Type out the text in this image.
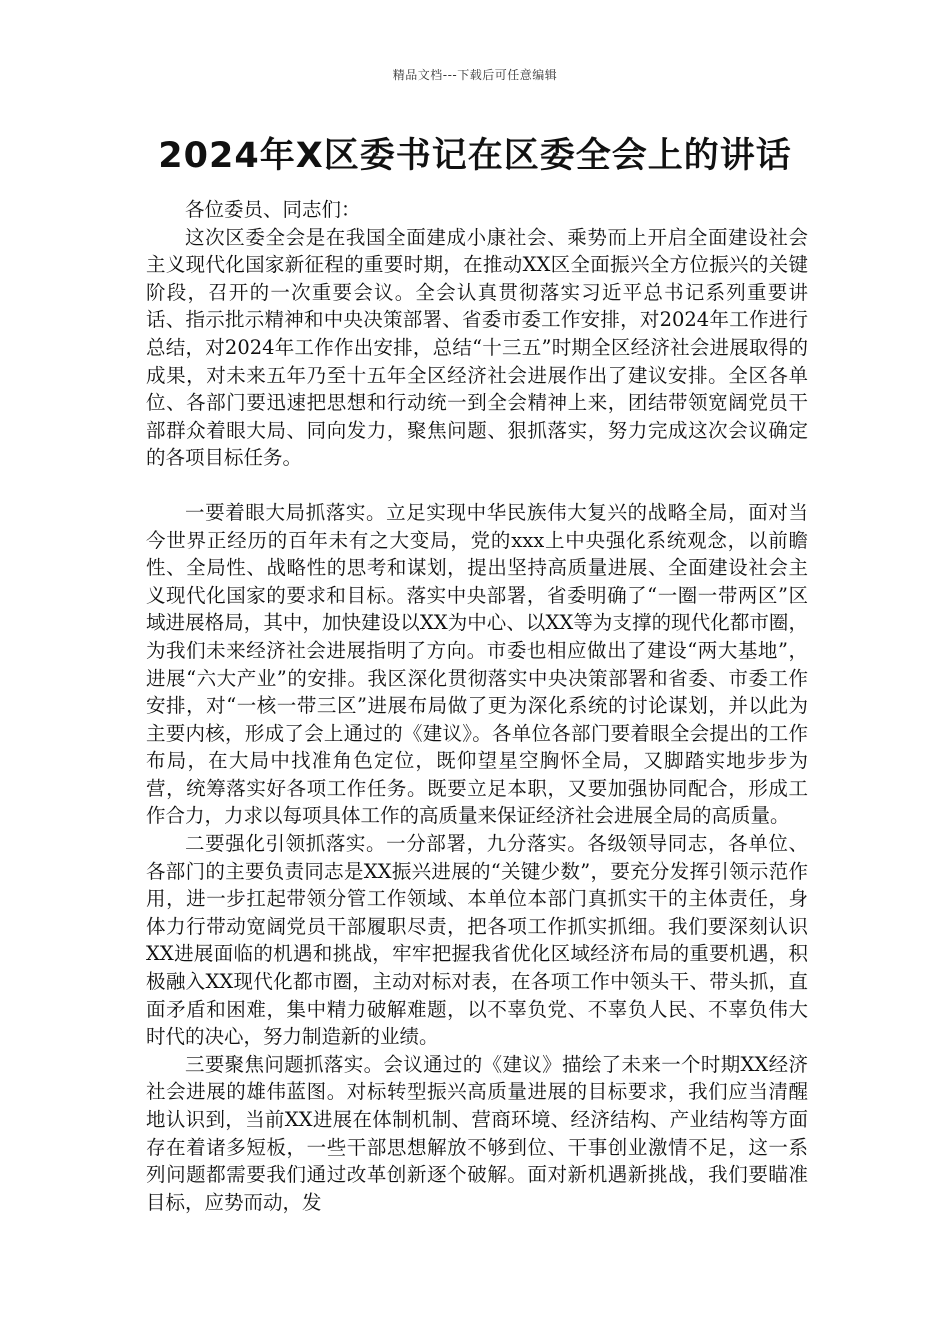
精品文档---下载后可任意编辑
2024年X区委书记在区委全会上的讲话

各位委员、同志们：

这次区委全会是在我国全面建成小康社会、乘势而上开启全面建设社会主义现代化国家新征程的重要时期，在推动XX区全面振兴全方位振兴的关键阶段，召开的一次重要会议。全会认真贯彻落实习近平总书记系列重要讲话、指示批示精神和中央决策部署、省委市委工作安排，对2024年工作进行总结，对2024年工作作出安排，总结“十三五”时期全区经济社会进展取得的成果，对未来五年乃至十五年全区经济社会进展作出了建议安排。全区各单位、各部门要迅速把思想和行动统一到全会精神上来，团结带领宽阔党员干部群众着眼大局、同向发力，聚焦问题、狠抓落实，努力完成这次会议确定的各项目标任务。

一要着眼大局抓落实。立足实现中华民族伟大复兴的战略全局，面对当今世界正经历的百年未有之大变局，党的xxx上中央强化系统观念，以前瞻性、全局性、战略性的思考和谋划，提出坚持高质量进展、全面建设社会主义现代化国家的要求和目标。落实中央部署，省委明确了“一圈一带两区”区域进展格局，其中，加快建设以XX为中心、以XX等为支撑的现代化都市圈，为我们未来经济社会进展指明了方向。市委也相应做出了建设“两大基地”，进展“六大产业”的安排。我区深化贯彻落实中央决策部署和省委、市委工作安排，对“一核一带三区”进展布局做了更为深化系统的讨论谋划，并以此为主要内核，形成了会上通过的《建议》。各单位各部门要着眼全会提出的工作布局，在大局中找准角色定位，既仰望星空胸怀全局，又脚踏实地步步为营，统筹落实好各项工作任务。既要立足本职，又要加强协同配合，形成工作合力，力求以每项具体工作的高质量来保证经济社会进展全局的高质量。

二要强化引领抓落实。一分部署，九分落实。各级领导同志，各单位、各部门的主要负责同志是XX振兴进展的“关键少数”，要充分发挥引领示范作用，进一步扛起带领分管工作领域、本单位本部门真抓实干的主体责任，身体力行带动宽阔党员干部履职尽责，把各项工作抓实抓细。我们要深刻认识XX进展面临的机遇和挑战，牢牢把握我省优化区域经济布局的重要机遇，积极融入XX现代化都市圈，主动对标对表，在各项工作中领头干、带头抓，直面矛盾和困难，集中精力破解难题，以不辜负党、不辜负人民、不辜负伟大时代的决心，努力制造新的业绩。

三要聚焦问题抓落实。会议通过的《建议》描绘了未来一个时期XX经济社会进展的雄伟蓝图。对标转型振兴高质量进展的目标要求，我们应当清醒地认识到，当前XX进展在体制机制、营商环境、经济结构、产业结构等方面存在着诸多短板，一些干部思想解放不够到位、干事创业激情不足，这一系列问题都需要我们通过改革创新逐个破解。面对新机遇新挑战，我们要瞄准目标，应势而动，发
